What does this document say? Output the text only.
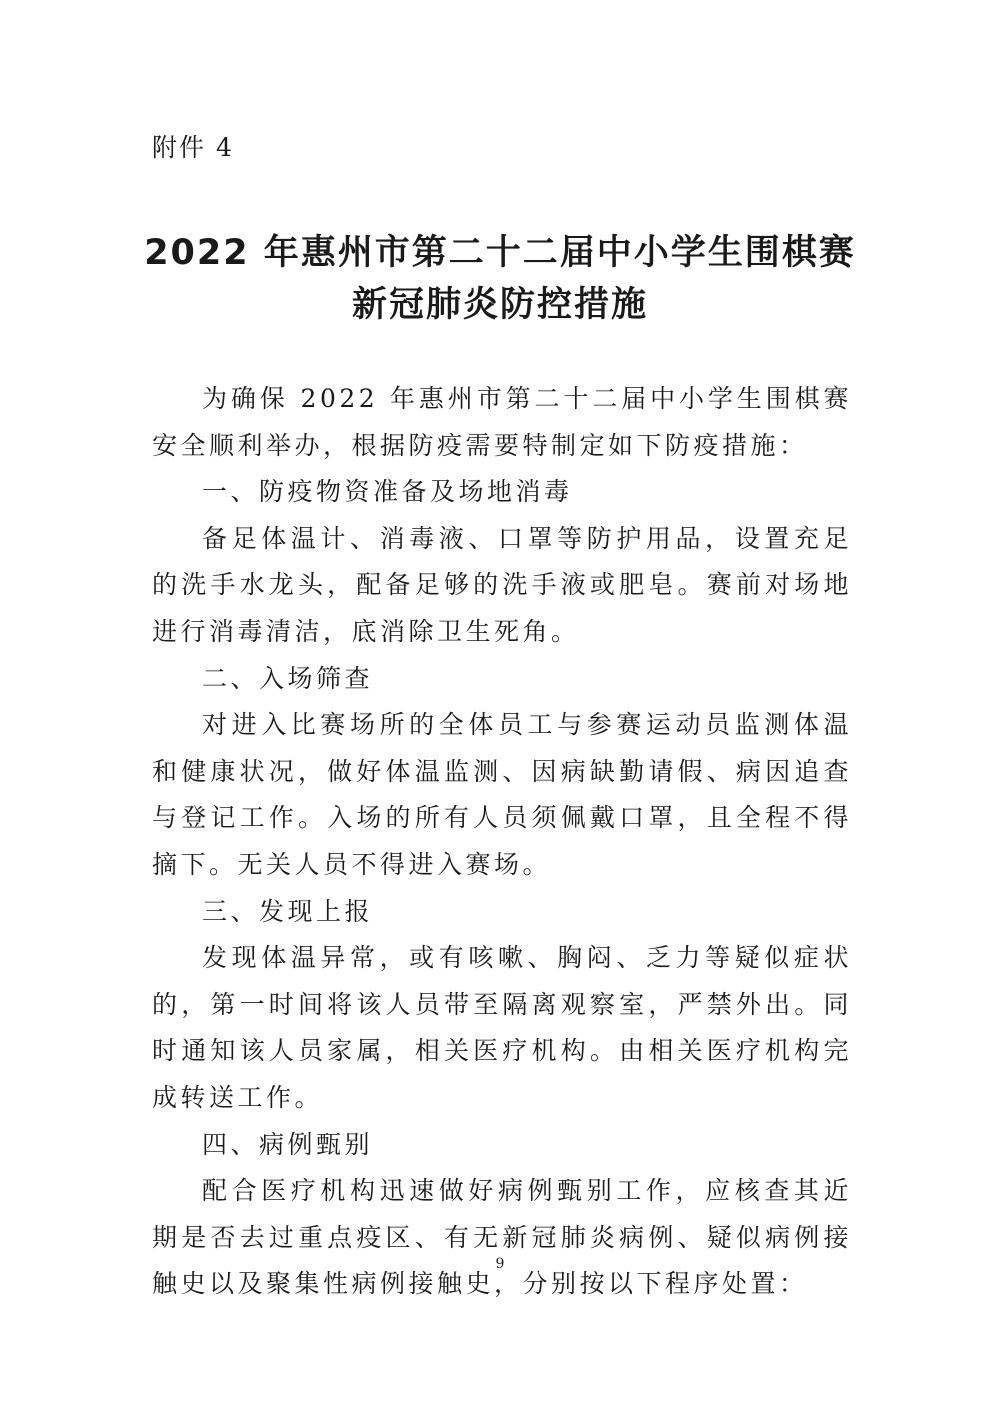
附件 4
2022 年惠州市第二十二届中小学生围棋赛
新冠肺炎防控措施

为确保 2022 年惠州市第二十二届中小学生围棋赛安全顺利举办，根据防疫需要特制定如下防疫措施：

一、防疫物资准备及场地消毒

备足体温计、消毒液、口罩等防护用品，设置充足的洗手水龙头，配备足够的洗手液或肥皂。赛前对场地进行消毒清洁，底消除卫生死角。

二、入场筛查

对进入比赛场所的全体员工与参赛运动员监测体温和健康状况，做好体温监测、因病缺勤请假、病因追查与登记工作。入场的所有人员须佩戴口罩，且全程不得摘下。无关人员不得进入赛场。

三、发现上报

发现体温异常，或有咳嗽、胸闷、乏力等疑似症状的，第一时间将该人员带至隔离观察室，严禁外出。同时通知该人员家属，相关医疗机构。由相关医疗机构完成转送工作。

四、病例甄别

配合医疗机构迅速做好病例甄别工作，应核查其近期是否去过重点疫区、有无新冠肺炎病例、疑似病例接触史以及聚集性病例接触史，分别按以下程序处置：

9
